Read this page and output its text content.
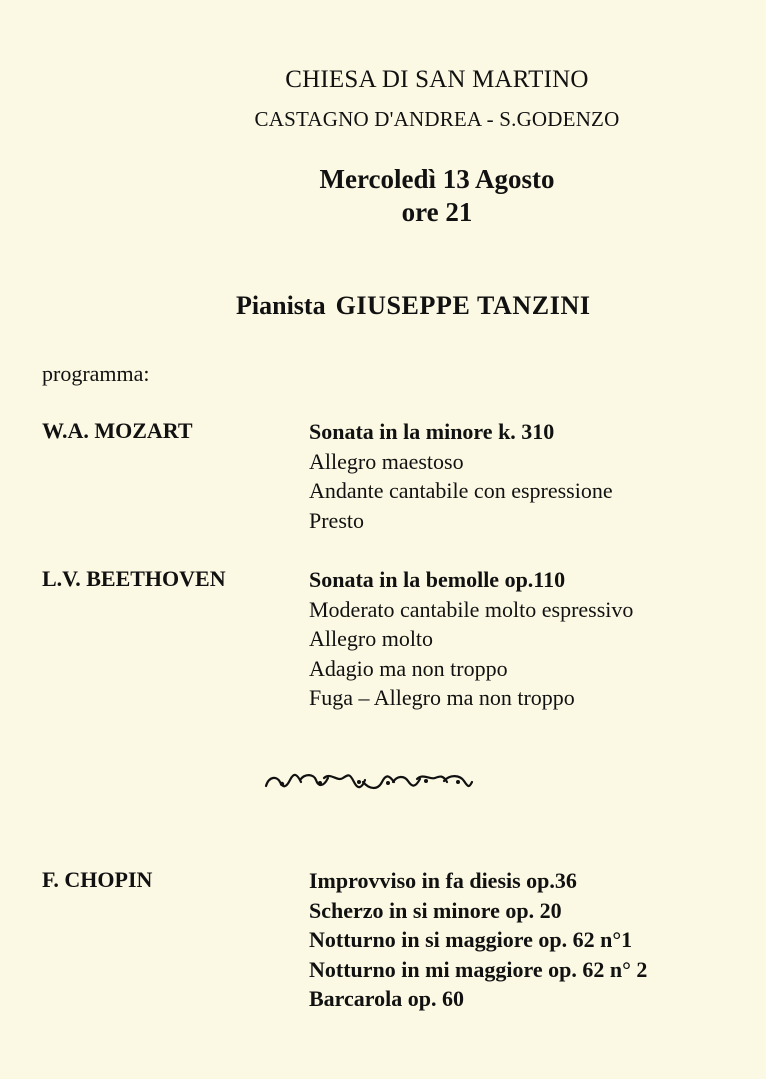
CHIESA DI SAN MARTINO
CASTAGNO D'ANDREA - S.GODENZO
Mercoledì 13 Agosto
ore 21
Pianista GIUSEPPE TANZINI
programma:
W.A. MOZART	Sonata in la minore k. 310
Allegro maestoso
Andante cantabile con espressione
Presto
L.V. BEETHOVEN	Sonata in la bemolle op.110
Moderato cantabile molto espressivo
Allegro molto
Adagio ma non troppo
Fuga – Allegro ma non troppo
F. CHOPIN	Improvviso in fa diesis op.36
Scherzo in si minore op. 20
Notturno in si maggiore op. 62 n°1
Notturno in mi maggiore op. 62 n° 2
Barcarola op. 60
